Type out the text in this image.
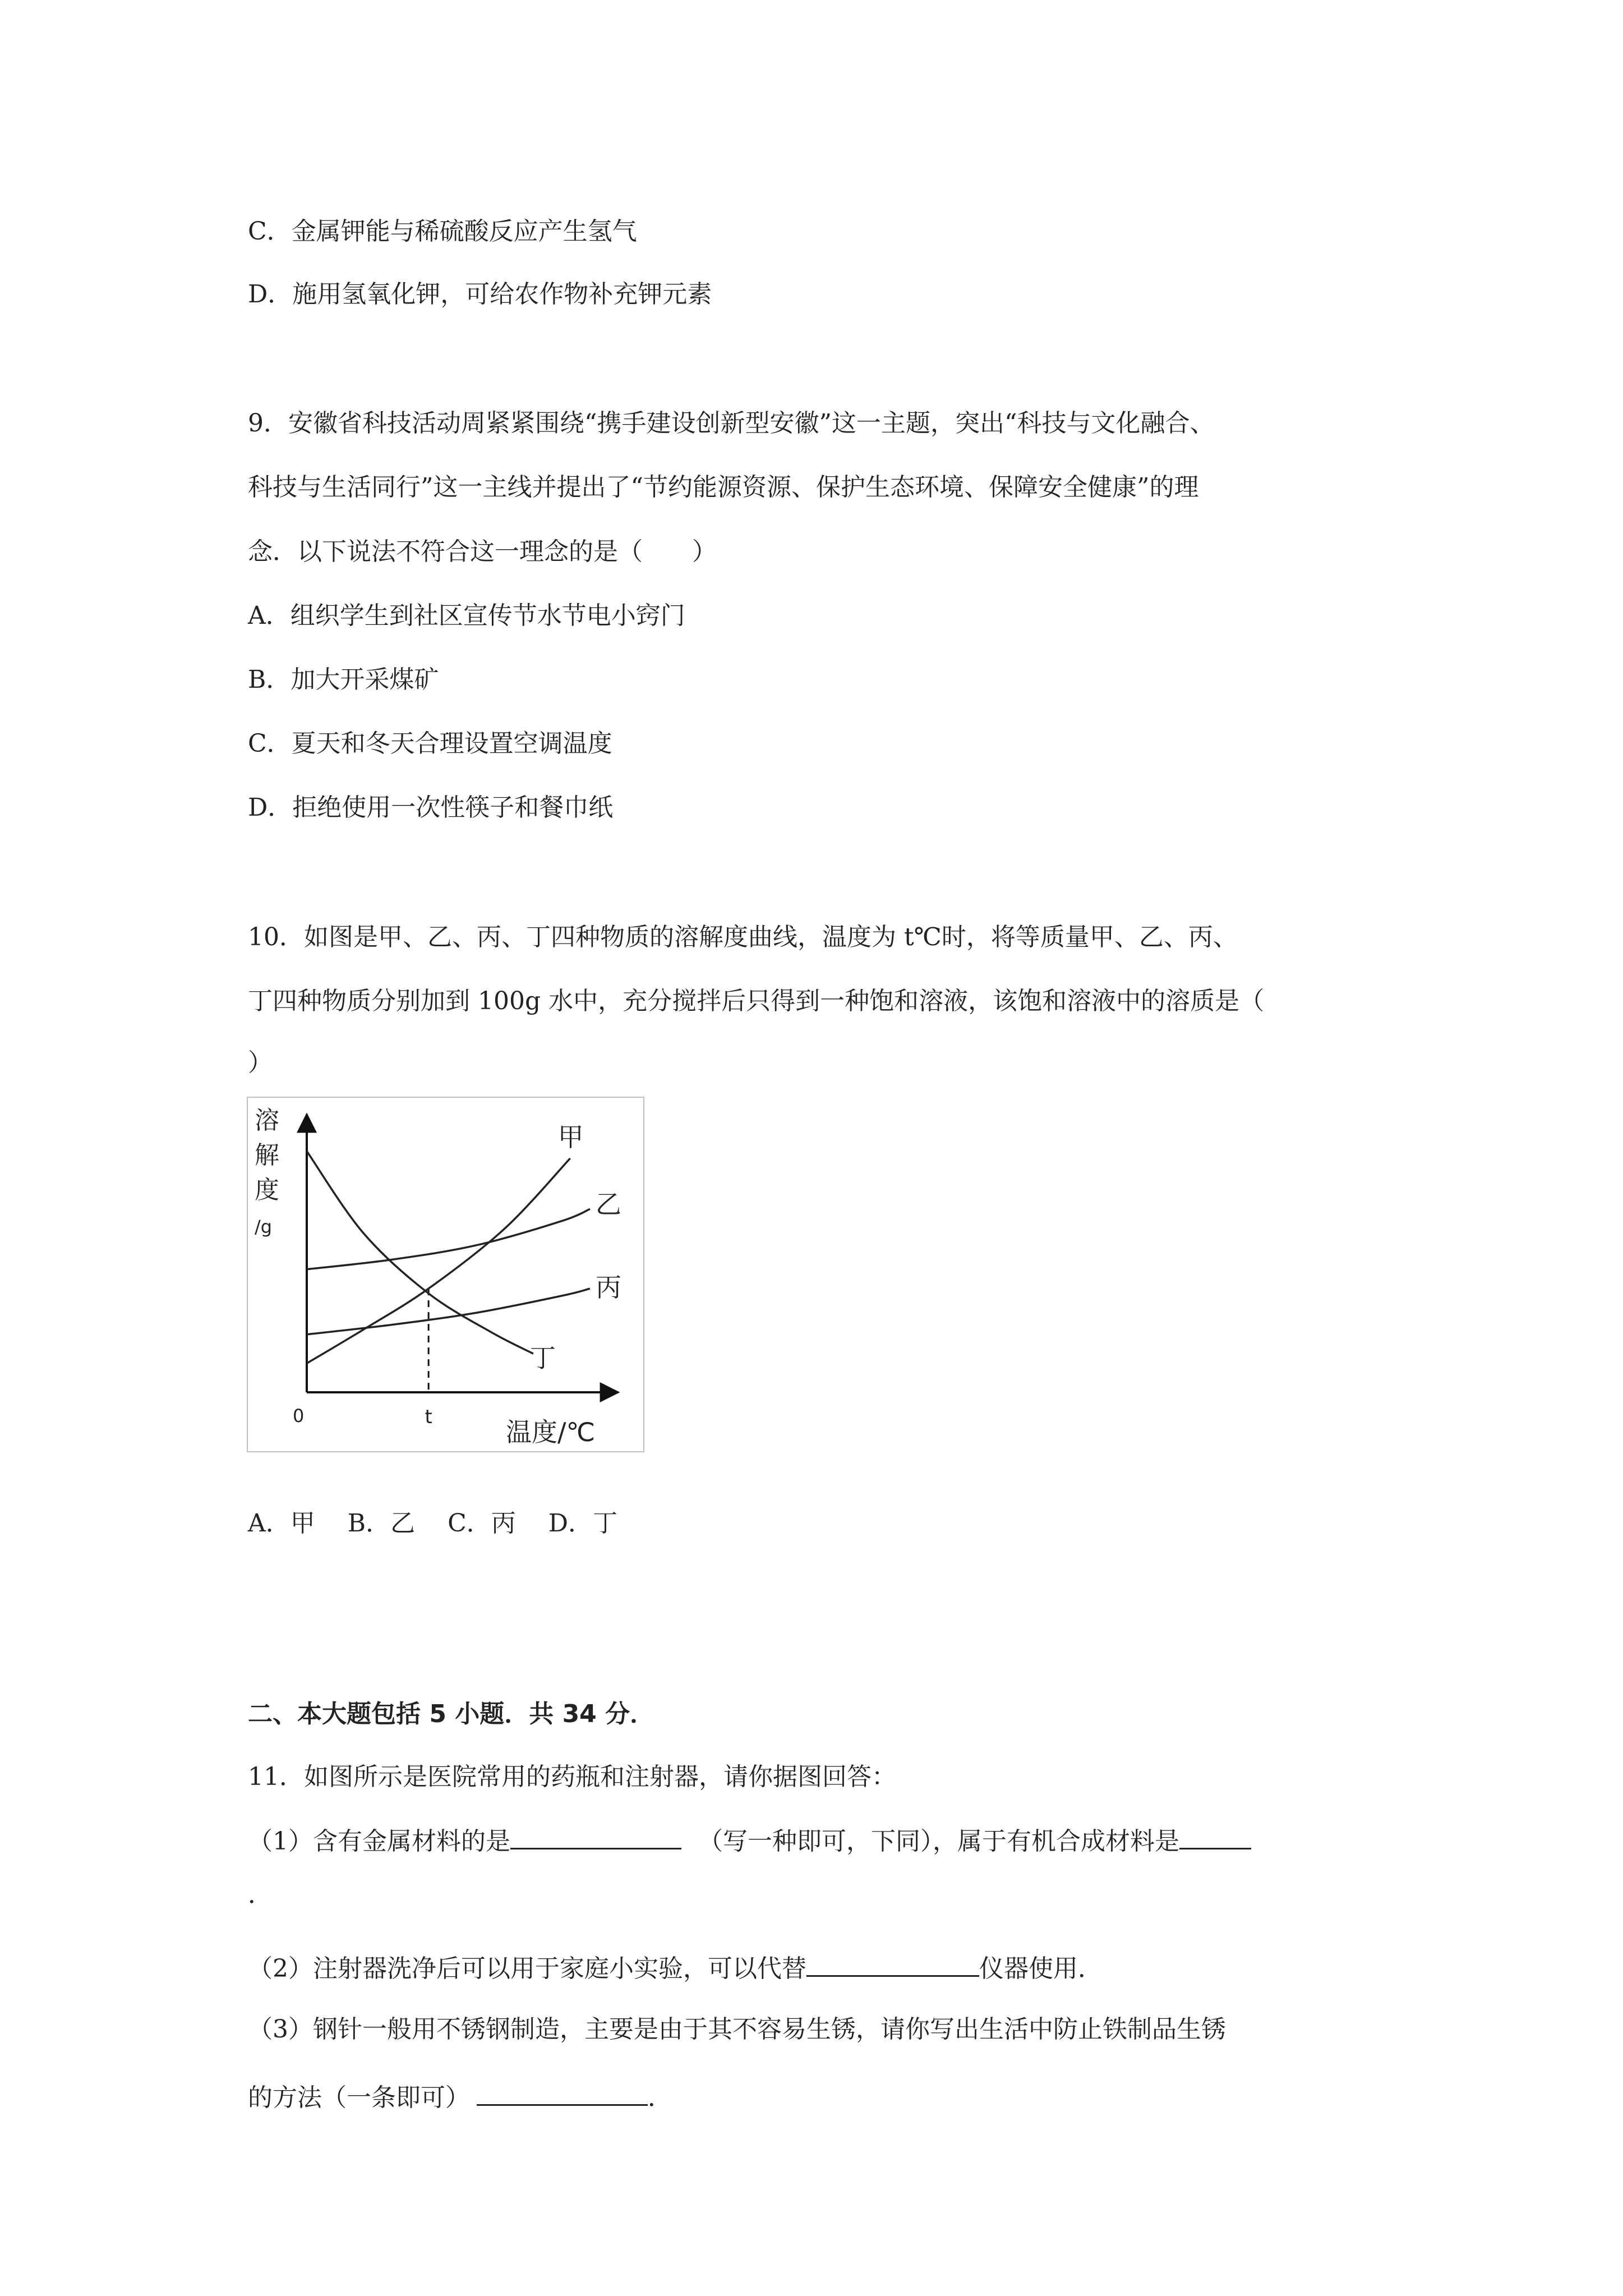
C．金属钾能与稀硫酸反应产生氢气
D．施用氢氧化钾，可给农作物补充钾元素
9．安徽省科技活动周紧紧围绕“携手建设创新型安徽”这一主题，突出“科技与文化融合、
科技与生活同行”这一主线并提出了“节约能源资源、保护生态环境、保障安全健康”的理
念．以下说法不符合这一理念的是（　　）
A．组织学生到社区宣传节水节电小窍门
B．加大开采煤矿
C．夏天和冬天合理设置空调温度
D．拒绝使用一次性筷子和餐巾纸
10．如图是甲、乙、丙、丁四种物质的溶解度曲线，温度为 t℃时，将等质量甲、乙、丙、
丁四种物质分别加到 100g 水中，充分搅拌后只得到一种饱和溶液，该饱和溶液中的溶质是（
）
溶
解
度
/g
0	t	温度/℃
甲
乙
丙
丁
A．甲　 B．乙　 C．丙　 D．丁
二、本大题包括 5 小题．共 34 分．
11．如图所示是医院常用的药瓶和注射器，请你据图回答：
（1）含有金属材料的是	（写一种即可，下同），属于有机合成材料是
．
（2）注射器洗净后可以用于家庭小实验，可以代替	仪器使用．
（3）钢针一般用不锈钢制造，主要是由于其不容易生锈，请你写出生活中防止铁制品生锈
的方法（一条即可）	．
